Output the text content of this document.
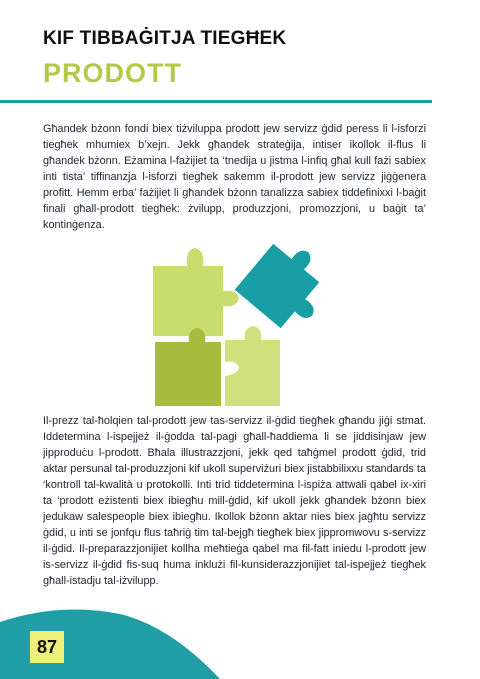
KIF TIBBAĠITJA TIEGĦEK
PRODOTT

Għandek bżonn fondi biex tiżviluppa prodott jew servizz ġdid peress li l-isforzi tiegħek mhumiex b’xejn. Jekk għandek strateġija, intiser ikollok il-flus li għandek bżonn. Eżamina l-fażijiet ta ‘tnedija u jistma l-infiq għal kull fażi sabiex inti tista’ tiffinanzja l-isforzi tiegħek sakemm il-prodott jew servizz jiġġenera profitt. Hemm erba’ fażijiet li għandek bżonn tanalizza sabiex tiddefinixxi l-baġit finali għall-prodott tiegħek: żvilupp, produzzjoni, promozzjoni, u baġit ta’ kontinġenza.

Il-prezz tal-ħolqien tal-prodott jew tas-servizz il-ġdid tiegħek għandu jiġi stmat. Iddetermina l-ispejjeż il-ġodda tal-pagi għall-ħaddiema li se jiddisinjaw jew jipproduċu l-prodott. Bħala illustrazzjoni, jekk qed taħġmel prodott ġdid, trid aktar persunal tal-produzzjoni kif ukoll superviżuri biex jistabbilixxu standards ta ‘kontroll tal-kwalità u protokolli. Inti trid tiddetermina l-ispiża attwali qabel ix-xiri ta ‘prodott eżistenti biex ibiegħu mill-ġdid, kif ukoll jekk għandek bżonn biex jedukaw salespeople biex ibiegħu. Ikollok bżonn aktar nies biex jagħtu servizz ġdid, u inti se jonfqu flus taħriġ tim tal-bejgħ tiegħek biex jippromwovu s-servizz il-ġdid. Il-preparazzjonijiet kollha meħtieġa qabel ma fil-fatt iniedu l-prodott jew is-servizz il-ġdid fis-suq huma inklużi fil-kunsiderazzjonijiet tal-ispejjeż tiegħek għall-istadju tal-iżvilupp.

87
